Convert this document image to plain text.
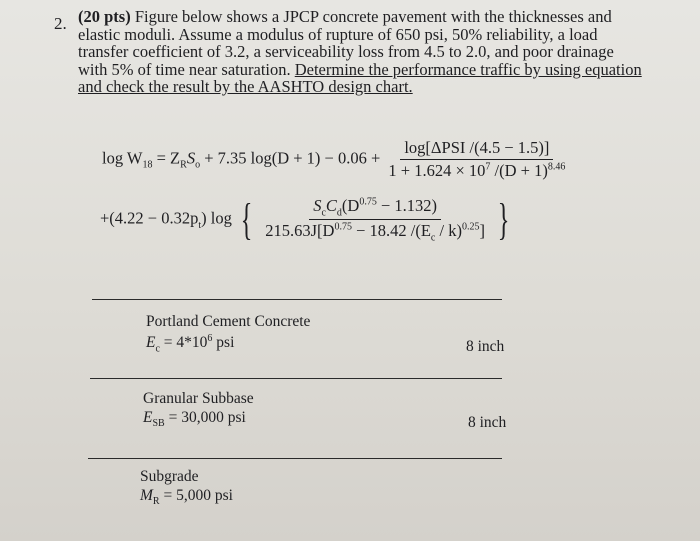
2. (20 pts) Figure below shows a JPCP concrete pavement with the thicknesses and

elastic moduli. Assume a modulus of rupture of 650 psi, 50% reliability, a load

transfer coefficient of 3.2, a serviceability loss from 4.5 to 2.0, and poor drainage

with 5% of time near saturation. Determine the performance traffic by using equation

and check the result by the AASHTO design chart.

$\log W_{18} = Z_RS_o + 7.35$ $\log(D + 1) - 0.06 + \frac{\text{log[ΔPSI /(4.5 − 1.5)]}}{1 + 1.624 \times 10^7 /(D + 1)^{8.46}}$
$+(4.22 - 0.32p_t)$ log { $\frac{S_cC_d(D^{0.75} - 1.132)}{215.63J[D^{0.75} - 18.42 /(E_c / k)^{0.25}]}$ }
Portland Cement Concrete
$E_c = 4*10^6$ psi	8 inch
Granular Subbase
$E_{SB} = 30,000$ psi	8 inch
Subgrade
$M_R = 5,000$ psi
